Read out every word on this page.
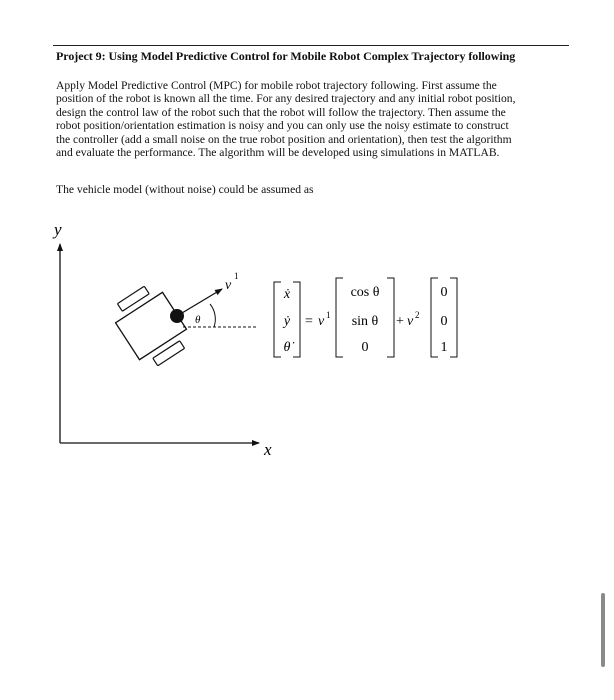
Project 9: Using Model Predictive Control for Mobile Robot Complex Trajectory following
Apply Model Predictive Control (MPC) for mobile robot trajectory following. First assume the
position of the robot is known all the time. For any desired trajectory and any initial robot position,
design the control law of the robot such that the robot will follow the trajectory. Then assume the
robot position/orientation estimation is noisy and you can only use the noisy estimate to construct
the controller (add a small noise on the true robot position and orientation), then test the algorithm
and evaluate the performance. The algorithm will be developed using simulations in MATLAB.
The vehicle model (without noise) could be assumed as
y
x
θ
v
1
ẋ
ẏ
θ̇
= v 1
cos θ
sin θ
0
+ v 2
0
0
1
